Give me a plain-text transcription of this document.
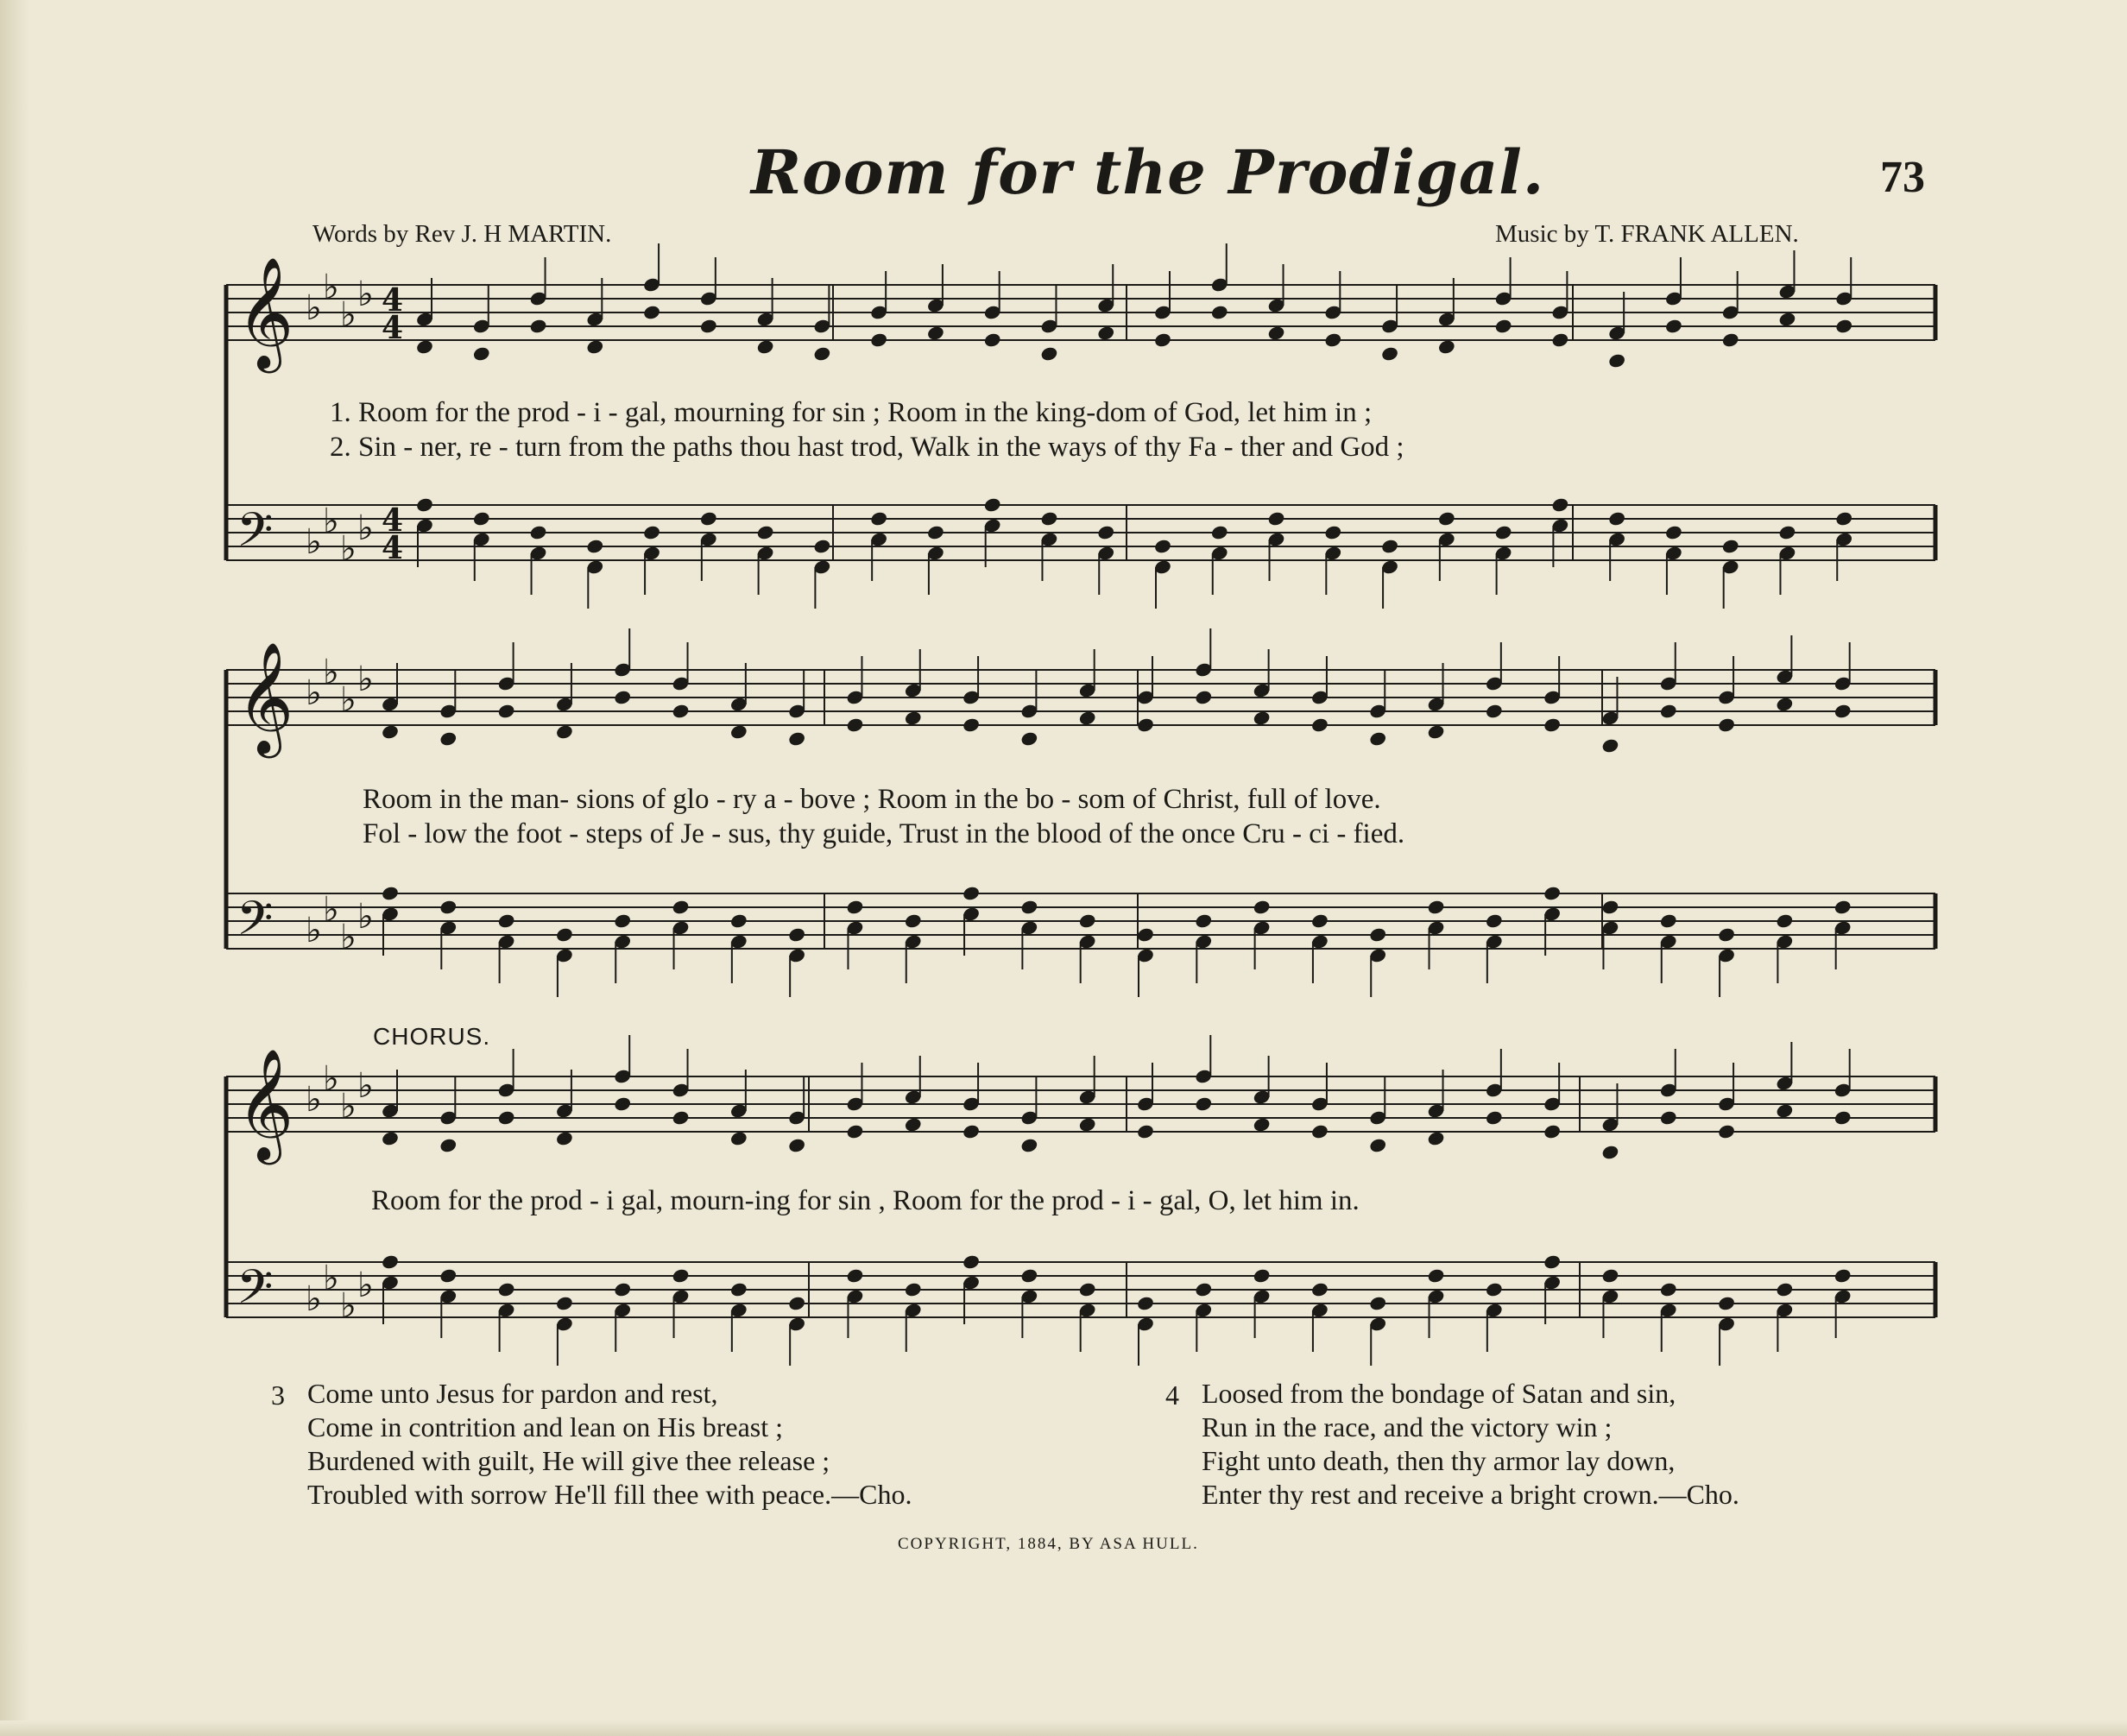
Room for the Prodigal.	73
Words by Rev J. H MARTIN.	Music by T. FRANK ALLEN.
𝄞 ♭
♭
♭
♭ 4
4
𝄢 ♭
♭
♭
♭ 4
4
𝄞 ♭
♭
♭
♭
𝄢 ♭
♭
♭
♭
𝄞 ♭
♭
♭
♭
𝄢 ♭
♭
♭
♭
1. Room for the prod - i - gal, mourning for sin ; Room in the king-dom of God, let him in ;
2. Sin - ner, re - turn from the paths thou hast trod, Walk in the ways of thy Fa - ther and God ;
Room in the man- sions of glo - ry a - bove ; Room in the bo - som of Christ, full of love.
Fol - low the foot - steps of Je - sus, thy guide, Trust in the blood of the once Cru - ci - fied.
CHORUS.
Room for the prod - i gal, mourn-ing for sin , Room for the prod - i - gal, O, let him in.
3 Come unto Jesus for pardon and rest,
Come in contrition and lean on His breast ;
Burdened with guilt, He will give thee release ;
Troubled with sorrow He'll fill thee with peace.—Cho.
4 Loosed from the bondage of Satan and sin,
Run in the race, and the victory win ;
Fight unto death, then thy armor lay down,
Enter thy rest and receive a bright crown.—Cho.
COPYRIGHT, 1884, BY ASA HULL.
